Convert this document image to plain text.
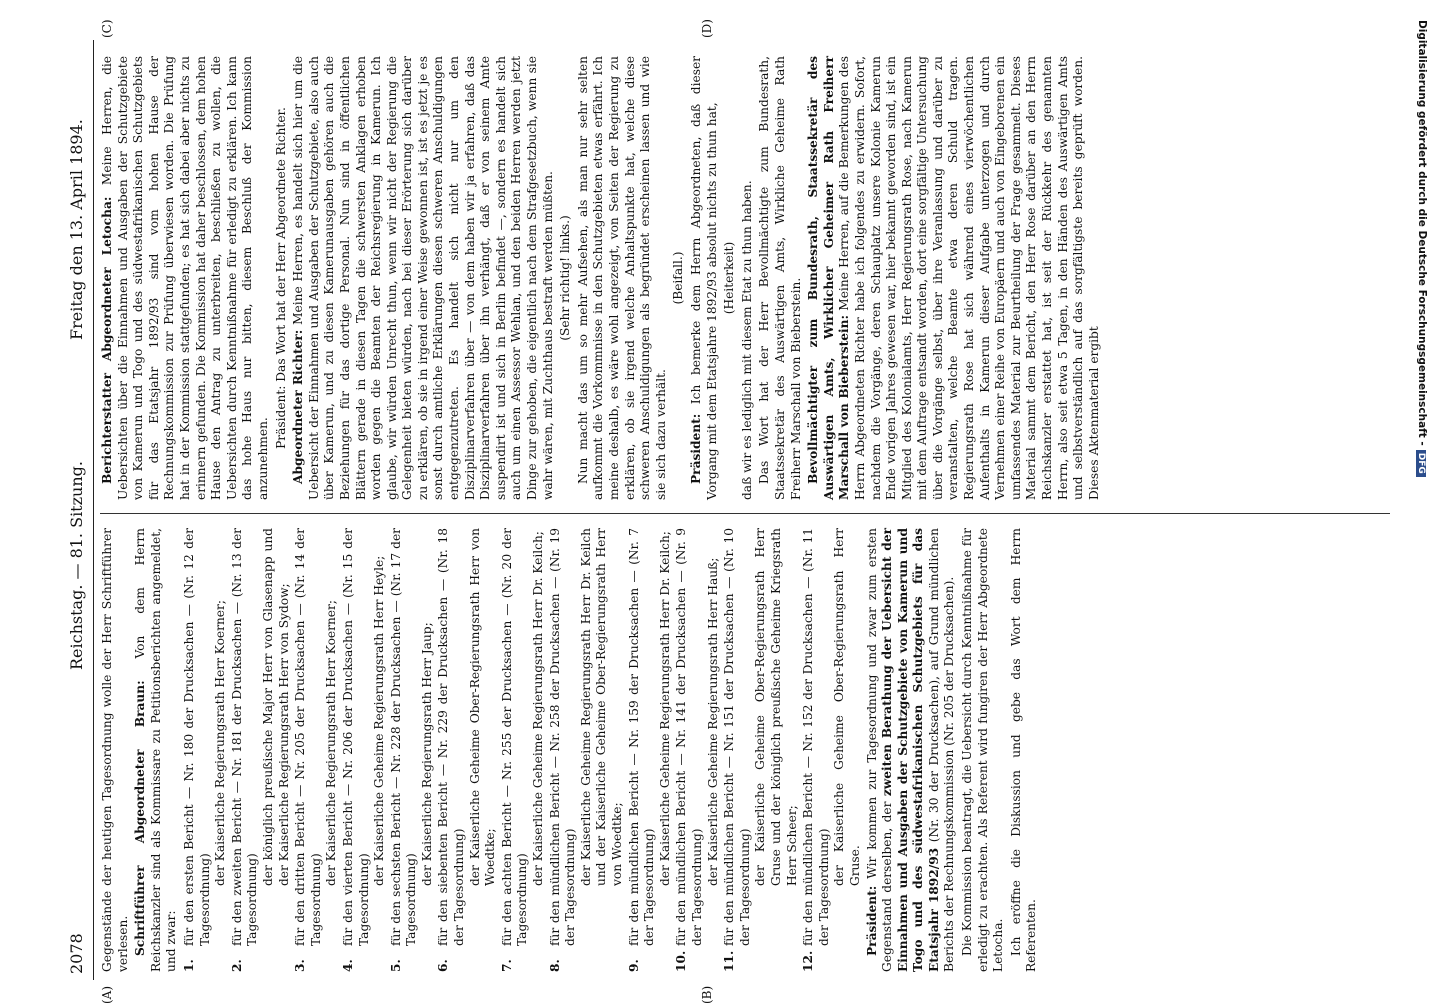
2078
Reichstag. — 81. Sitzung.
Freitag den 13. April 1894.
(A)	(B)
(C)	(D)

Gegenstände der heutigen Tagesordnung wolle der Herr Schriftführer verlesen. Schriftführer Abgeordneter Braun: Von dem Herrn Reichskanzler sind als Kommissare zu Petitionsberichten angemeldet, und zwar: 1.
für den ersten Bericht — Nr. 180 der Drucksachen — (Nr. 12 der Tagesordnung)
der Kaiserliche Regierungsrath Herr Koerner;
2.
für den zweiten Bericht — Nr. 181 der Drucksachen — (Nr. 13 der Tagesordnung)
der königlich preußische Major Herr von Glasenapp und der Kaiserliche Regierungsrath Herr von Sydow;
3.
für den dritten Bericht — Nr. 205 der Drucksachen — (Nr. 14 der Tagesordnung)
der Kaiserliche Regierungsrath Herr Koerner;
4.
für den vierten Bericht — Nr. 206 der Drucksachen — (Nr. 15 der Tagesordnung)
der Kaiserliche Geheime Regierungsrath Herr Heyle;
5.
für den sechsten Bericht — Nr. 228 der Drucksachen — (Nr. 17 der Tagesordnung)
der Kaiserliche Regierungsrath Herr Jaup;
6.
für den siebenten Bericht — Nr. 229 der Drucksachen — (Nr. 18 der Tagesordnung)
der Kaiserliche Geheime Ober-Regierungsrath Herr von Woedtke;
7.
für den achten Bericht — Nr. 255 der Drucksachen — (Nr. 20 der Tagesordnung)
der Kaiserliche Geheime Regierungsrath Herr Dr. Keilch;
8.
für den mündlichen Bericht — Nr. 258 der Drucksachen — (Nr. 19 der Tagesordnung)
der Kaiserliche Geheime Regierungsrath Herr Dr. Keilch und der Kaiserliche Geheime Ober-Regierungsrath Herr von Woedtke;
9.
für den mündlichen Bericht — Nr. 159 der Drucksachen — (Nr. 7 der Tagesordnung)
der Kaiserliche Geheime Regierungsrath Herr Dr. Keilch;
10.
für den mündlichen Bericht — Nr. 141 der Drucksachen — (Nr. 9 der Tagesordnung)
der Kaiserliche Geheime Regierungsrath Herr Hauß;
11.
für den mündlichen Bericht — Nr. 151 der Drucksachen — (Nr. 10 der Tagesordnung)
der Kaiserliche Geheime Ober-Regierungsrath Herr Gruse und der königlich preußische Geheime Kriegsrath Herr Scheer;
12.
für den mündlichen Bericht — Nr. 152 der Drucksachen — (Nr. 11 der Tagesordnung)
der Kaiserliche Geheime Ober-Regierungsrath Herr Gruse.

Präsident: Wir kommen zur Tagesordnung und zwar zum ersten Gegenstand derselben, der zweiten Berathung der Uebersicht der Einnahmen und Ausgaben der Schutzgebiete von Kamerun und Togo und des südwestafrikanischen Schutzgebiets für das Etatsjahr 1892/93 (Nr. 30 der Drucksachen), auf Grund mündlichen Berichts der Rechnungskommission (Nr. 205 der Drucksachen). Die Kommission beantragt, die Uebersicht durch Kenntnißnahme für erledigt zu erachten. Als Referent wird fungiren der Herr Abgeordnete Letocha. Ich eröffne die Diskussion und gebe das Wort dem Herrn Referenten.

Berichterstatter Abgeordneter Letocha: Meine Herren, die Uebersichten über die Einnahmen und Ausgaben der Schutzgebiete von Kamerun und Togo und des südwestafrikanischen Schutzgebiets für das Etatsjahr 1892/93 sind vom hohen Hause der Rechnungskommission zur Prüfung überwiesen worden. Die Prüfung hat in der Kommission stattgefunden; es hat sich dabei aber nichts zu erinnern gefunden. Die Kommission hat daher beschlossen, dem hohen Hause den Antrag zu unterbreiten, beschließen zu wollen, die Uebersichten durch Kenntnißnahme für erledigt zu erklären. Ich kann das hohe Haus nur bitten, diesem Beschluß der Kommission anzunehmen.

Präsident: Das Wort hat der Herr Abgeordnete Richter. Abgeordneter Richter: Meine Herren, es handelt sich hier um die Uebersicht der Einnahmen und Ausgaben der Schutzgebiete, also auch über Kamerun, und zu diesen Kamerunausgaben gehören auch die Beziehungen für das dortige Personal. Nun sind in öffentlichen Blättern gerade in diesen Tagen die schwersten Anklagen erhoben worden gegen die Beamten der Reichsregierung in Kamerun. Ich glaube, wir würden Unrecht thun, wenn wir nicht der Regierung die Gelegenheit bieten würden, nach bei dieser Erörterung sich darüber zu erklären, ob sie in irgend einer Weise gewonnen ist, ist es jetzt je es sonst durch amtliche Erklärungen diesen schweren Anschuldigungen entgegenzutreten. Es handelt sich nicht nur um den Disziplinarverfahren über — von dem haben wir ja erfahren, daß das Disziplinarverfahren über ihn verhängt, daß er von seinem Amte suspendirt ist und sich in Berlin befindet —, sondern es handelt sich auch um einen Assessor Wehlan, und den beiden Herren werden jetzt Dinge zur gehoben, die eigentlich nach dem Strafgesetzbuch, wenn sie wahr wären, mit Zuchthaus bestraft werden müßten. (Sehr richtig! links.) Nun macht das um so mehr Aufsehen, als man nur sehr selten aufkommt die Vorkommnisse in den Schutzgebieten etwas erfährt. Ich meine deshalb, es wäre wohl angezeigt, von Seiten der Regierung zu erklären, ob sie irgend welche Anhaltspunkte hat, welche diese schweren Anschuldigungen als begründet erscheinen lassen und wie sie sich dazu verhält.

(Beifall.)

Präsident: Ich bemerke dem Herrn Abgeordneten, daß dieser Vorgang mit dem Etatsjahre 1892/93 absolut nichts zu thun hat, (Heiterkeit) daß wir es lediglich mit diesem Etat zu thun haben. Das Wort hat der Herr Bevollmächtigte zum Bundesrath, Staatssekretär des Auswärtigen Amts, Wirkliche Geheime Rath Freiherr Marschall von Bieberstein. Bevollmächtigter zum Bundesrath, Staatssekretär des Auswärtigen Amts, Wirklicher Geheimer Rath Freiherr Marschall von Bieberstein: Meine Herren, auf die Bemerkungen des Herrn Abgeordneten Richter habe ich folgendes zu erwidern. Sofort, nachdem die Vorgänge, deren Schauplatz unsere Kolonie Kamerun Ende vorigen Jahres gewesen war, hier bekannt geworden sind, ist ein Mitglied des Kolonialamts, Herr Regierungsrath Rose, nach Kamerun mit dem Auftrage entsandt worden, dort eine sorgfältige Untersuchung über die Vorgänge selbst, über ihre Veranlassung und darüber zu veranstalten, welche Beamte etwa deren Schuld tragen. Regierungsrath Rose hat sich während eines vierwöchentlichen Aufenthalts in Kamerun dieser Aufgabe unterzogen und durch Vernehmen einer Reihe von Europäern und auch von Eingeborenen ein umfassendes Material zur Beurtheilung der Frage gesammelt. Dieses Material sammt dem Bericht, den Herr Rose darüber an den Herrn Reichskanzler erstattet hat, ist seit der Rückkehr des genannten Herrn, also seit etwa 5 Tagen, in den Händen des Auswärtigen Amts und selbstverständlich auf das sorgfältigste bereits geprüft worden. Dieses Aktenmaterial ergibt	Digitalisierung gefördert durch die Deutsche Forschungsgemeinschaft -DFG
